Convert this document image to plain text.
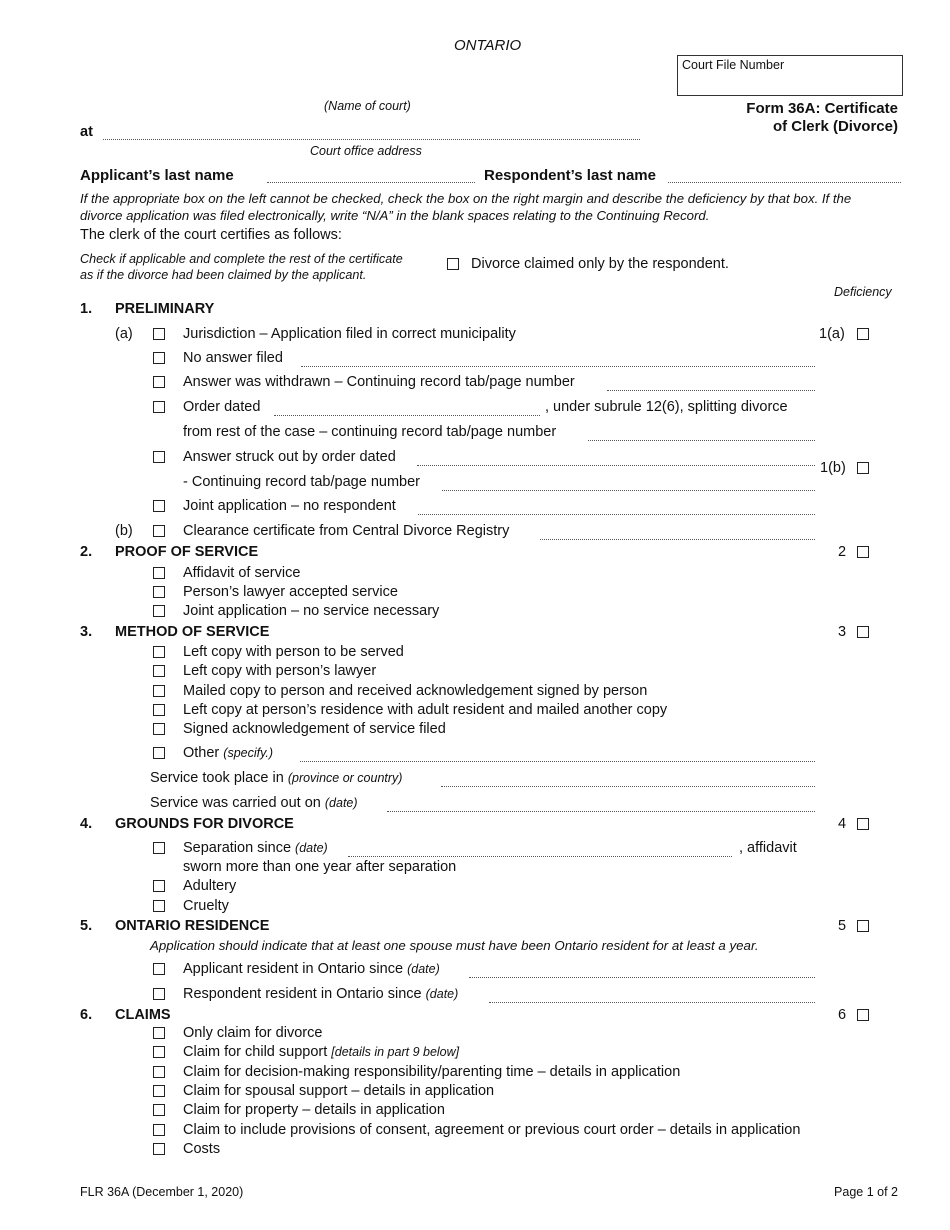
ONTARIO
Court File Number
(Name of court)
at
Court office address
Form 36A: Certificate
of Clerk (Divorce)
Applicant’s last name	Respondent’s last name
If the appropriate box on the left cannot be checked, check the box on the right margin and describe the deficiency by that box. If the
divorce application was filed electronically, write “N/A” in the blank spaces relating to the Continuing Record.
The clerk of the court certifies as follows:
Check if applicable and complete the rest of the certificate
as if the divorce had been claimed by the applicant.
Divorce claimed only by the respondent.
Deficiency
1. PRELIMINARY
(a)	Jurisdiction – Application filed in correct municipality	1(a)
No answer filed
Answer was withdrawn – Continuing record tab/page number
Order dated	, under subrule 12(6), splitting divorce
from rest of the case – continuing record tab/page number
Answer struck out by order dated
1(b)
- Continuing record tab/page number
Joint application – no respondent
(b)	Clearance certificate from Central Divorce Registry
2. PROOF OF SERVICE	2
Affidavit of service
Person’s lawyer accepted service
Joint application – no service necessary
3. METHOD OF SERVICE	3
Left copy with person to be served
Left copy with person’s lawyer
Mailed copy to person and received acknowledgement signed by person
Left copy at person’s residence with adult resident and mailed another copy
Signed acknowledgement of service filed
Other (specify.)
Service took place in (province or country)
Service was carried out on (date)
4. GROUNDS FOR DIVORCE	4
Separation since (date)	, affidavit
sworn more than one year after separation
Adultery
Cruelty
5. ONTARIO RESIDENCE	5
Application should indicate that at least one spouse must have been Ontario resident for at least a year.
Applicant resident in Ontario since (date)
Respondent resident in Ontario since (date)
6. CLAIMS	6
Only claim for divorce
Claim for child support [details in part 9 below]
Claim for decision-making responsibility/parenting time – details in application
Claim for spousal support – details in application
Claim for property – details in application
Claim to include provisions of consent, agreement or previous court order – details in application
Costs
FLR 36A (December 1, 2020)	Page 1 of 2
